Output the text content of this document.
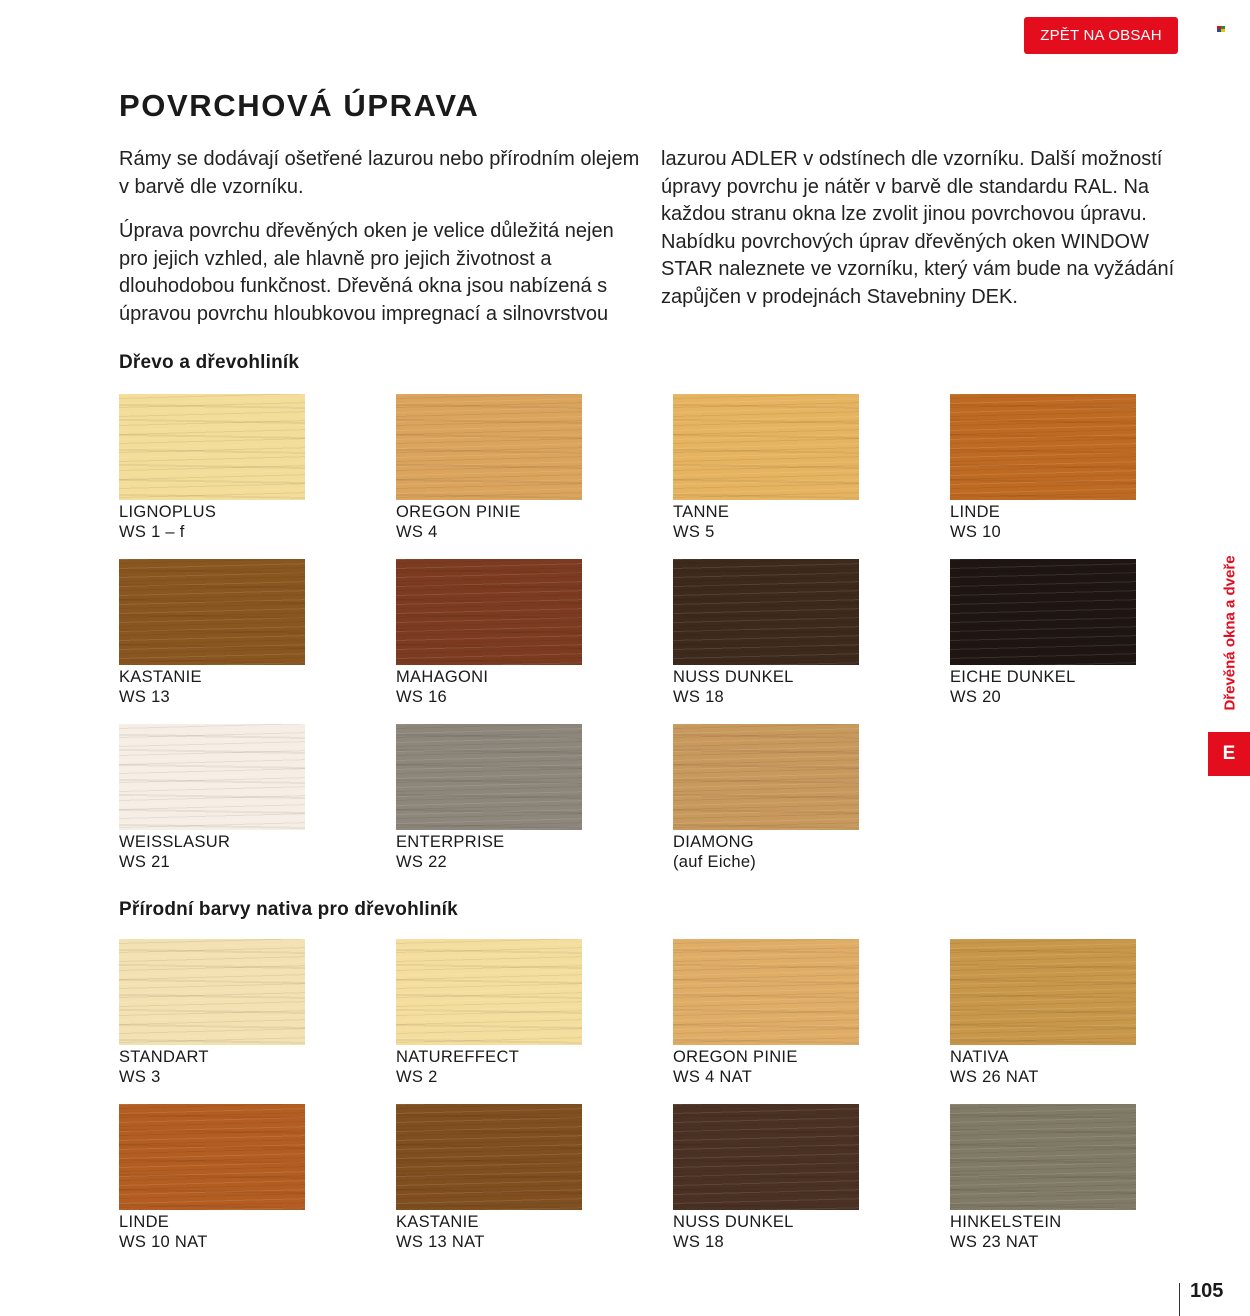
ZPĚT NA OBSAH
POVRCHOVÁ ÚPRAVA

Rámy se dodávají ošetřené lazurou nebo přírodním olejem v barvě dle vzorníku.

Úprava povrchu dřevěných oken je velice důležitá nejen pro jejich vzhled, ale hlavně pro jejich životnost a dlouhodobou funkčnost. Dřevěná okna jsou nabízená s úpravou povrchu hloubkovou impregnací a silnovrstvou

lazurou ADLER v odstínech dle vzorníku. Další možností úpravy povrchu je nátěr v barvě dle standardu RAL. Na každou stranu okna lze zvolit jinou povrchovou úpravu. Nabídku povrchových úprav dřevěných oken WINDOW STAR naleznete ve vzorníku, který vám bude na vyžádání zapůjčen v prodejnách Stavebniny DEK.

Dřevo a dřevohliník
LIGNOPLUS
WS 1 – f
OREGON PINIE
WS 4
TANNE
WS 5
LINDE
WS 10
KASTANIE
WS 13
MAHAGONI
WS 16
NUSS DUNKEL
WS 18
EICHE DUNKEL
WS 20
WEISSLASUR
WS 21
ENTERPRISE
WS 22
DIAMONG
(auf Eiche)
Přírodní barvy nativa pro dřevohliník
STANDART
WS 3
NATUREFFECT
WS 2
OREGON PINIE
WS 4 NAT
NATIVA
WS 26 NAT
LINDE
WS 10 NAT
KASTANIE
WS 13 NAT
NUSS DUNKEL
WS 18
HINKELSTEIN
WS 23 NAT
Dřevěná okna a dveře
E
105
